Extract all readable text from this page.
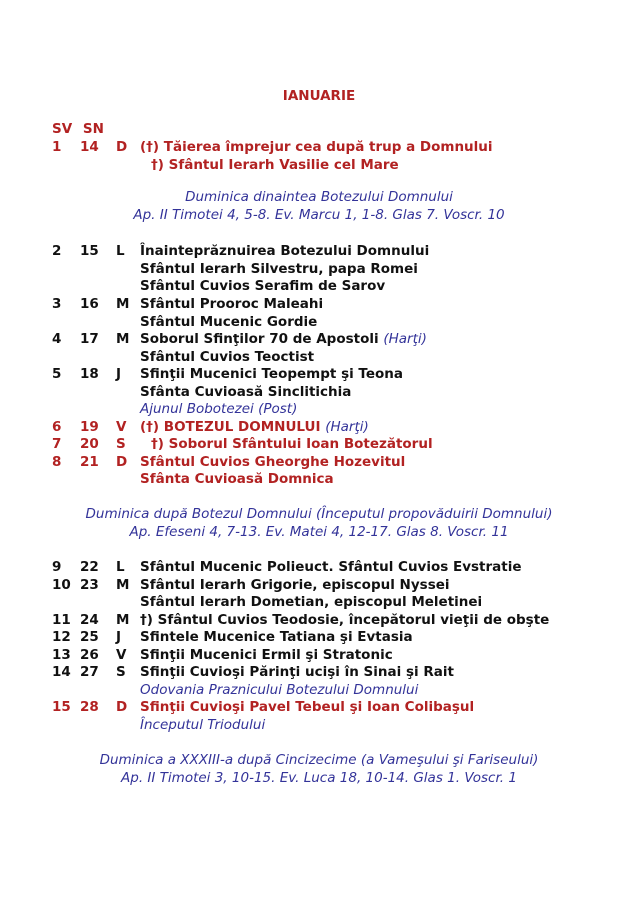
IANUARIE
SV SN
1 14 D (†) Tăierea împrejur cea după trup a Domnului
†) Sfântul Ierarh Vasilie cel Mare
Duminica dinaintea Botezului Domnului
Ap. II Timotei 4, 5-8. Ev. Marcu 1, 1-8. Glas 7. Voscr. 10
2 15 L Înainteprăznuirea Botezului Domnului
Sfântul Ierarh Silvestru, papa Romei
Sfântul Cuvios Serafim de Sarov
3 16 M Sfântul Prooroc Maleahi
Sfântul Mucenic Gordie
4 17 M Soborul Sfinţilor 70 de Apostoli (Harţi)
Sfântul Cuvios Teoctist
5 18 J Sfinţii Mucenici Teopempt şi Teona
Sfânta Cuvioasă Sinclitichia
Ajunul Bobotezei (Post)
6 19 V (†) BOTEZUL DOMNULUI (Harţi)
7 20 S †) Soborul Sfântului Ioan Botezătorul
8 21 D Sfântul Cuvios Gheorghe Hozevitul
Sfânta Cuvioasă Domnica
Duminica după Botezul Domnului (Începutul propovăduirii Domnului)
Ap. Efeseni 4, 7-13. Ev. Matei 4, 12-17. Glas 8. Voscr. 11
9 22 L Sfântul Mucenic Polieuct. Sfântul Cuvios Evstratie
10 23 M Sfântul Ierarh Grigorie, episcopul Nyssei
Sfântul Ierarh Dometian, episcopul Meletinei
11 24 M †) Sfântul Cuvios Teodosie, începătorul vieţii de obşte
12 25 J Sfintele Mucenice Tatiana şi Evtasia
13 26 V Sfinţii Mucenici Ermil şi Stratonic
14 27 S Sfinţii Cuvioşi Părinţi ucişi în Sinai şi Rait
Odovania Praznicului Botezului Domnului
15 28 D Sfinţii Cuvioşi Pavel Tebeul şi Ioan Colibaşul
Începutul Triodului
Duminica a XXXIII-a după Cincizecime (a Vameşului şi Fariseului)
Ap. II Timotei 3, 10-15. Ev. Luca 18, 10-14. Glas 1. Voscr. 1
